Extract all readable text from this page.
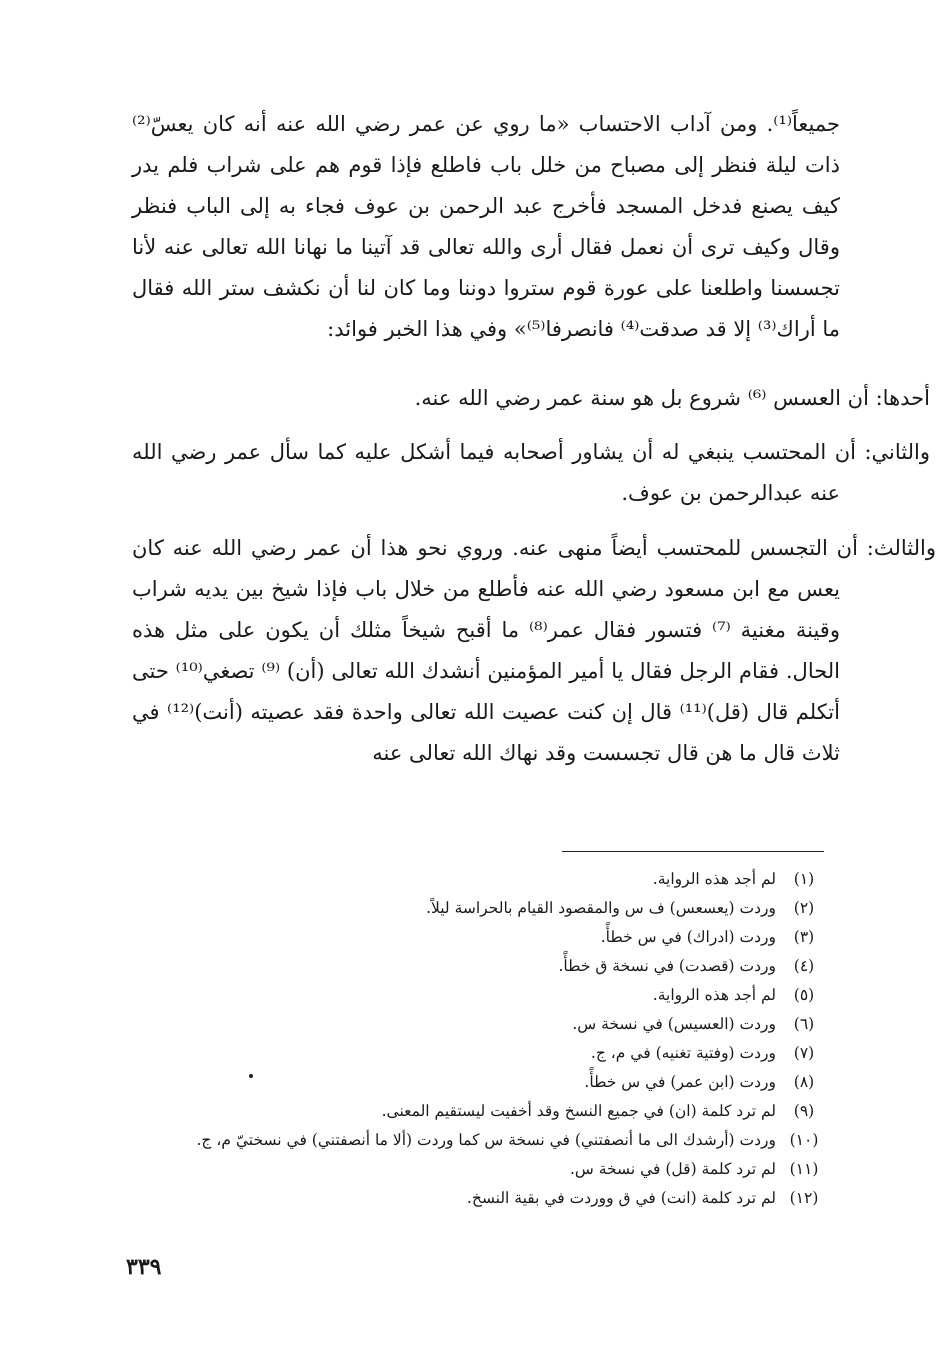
جميعاً⁽¹⁾. ومن آداب الاحتساب «ما روي عن عمر رضي الله عنه أنه كان يعسّ⁽²⁾ ذات ليلة فنظر إلى مصباح من خلل باب فاطلع فإذا قوم هم على شراب فلم يدر كيف يصنع فدخل المسجد فأخرج عبد الرحمن بن عوف فجاء به إلى الباب فنظر وقال وكيف ترى أن نعمل فقال أرى والله تعالى قد آتينا ما نهانا الله تعالى عنه لأنا تجسسنا واطلعنا على عورة قوم ستروا دوننا وما كان لنا أن نكشف ستر الله فقال ما أراك⁽³⁾ إلا قد صدقت⁽⁴⁾ فانصرفا⁽⁵⁾» وفي هذا الخبر فوائد:

أحدها: أن العسس ⁽⁶⁾ شروع بل هو سنة عمر رضي الله عنه.

والثاني: أن المحتسب ينبغي له أن يشاور أصحابه فيما أشكل عليه كما سأل عمر رضي الله عنه عبدالرحمن بن عوف.

والثالث: أن التجسس للمحتسب أيضاً منهى عنه. وروي نحو هذا أن عمر رضي الله عنه كان يعس مع ابن مسعود رضي الله عنه فأطلع من خلال باب فإذا شيخ بين يديه شراب وقينة مغنية ⁽⁷⁾ فتسور فقال عمر⁽⁸⁾ ما أقبح شيخاً مثلك أن يكون على مثل هذه الحال. فقام الرجل فقال يا أمير المؤمنين أنشدك الله تعالى (أن) ⁽⁹⁾ تصغي⁽¹⁰⁾ حتى أتكلم قال (قل)⁽¹¹⁾ قال إن كنت عصيت الله تعالى واحدة فقد عصيته (أنت)⁽¹²⁾ في ثلاث قال ما هن قال تجسست وقد نهاك الله تعالى عنه

(١)
لم أجد هذه الرواية.
(٢)
وردت (يعسعس) ف س والمقصود القيام بالحراسة ليلاً.
(٣)
وردت (ادراك) في س خطأً.
(٤)
وردت (قصدت) في نسخة ق خطأً.
(٥)
لم أجد هذه الرواية.
(٦)
وردت (العسيس) في نسخة س.
(٧)
وردت (وفتية تغنيه) في م، ج.
(٨)
وردت (ابن عمر) في س خطأً.
(٩)
لم ترد كلمة (ان) في جميع النسخ وقد أخفيت ليستقيم المعنى.
(١٠)
وردت (أرشدك الى ما أنصفتني) في نسخة س كما وردت (ألا ما أنصفتني) في نسختيّ م، ج.
(١١)
لم ترد كلمة (قل) في نسخة س.
(١٢)
لم ترد كلمة (انت) في ق ووردت في بقية النسخ.
٣٣٩
